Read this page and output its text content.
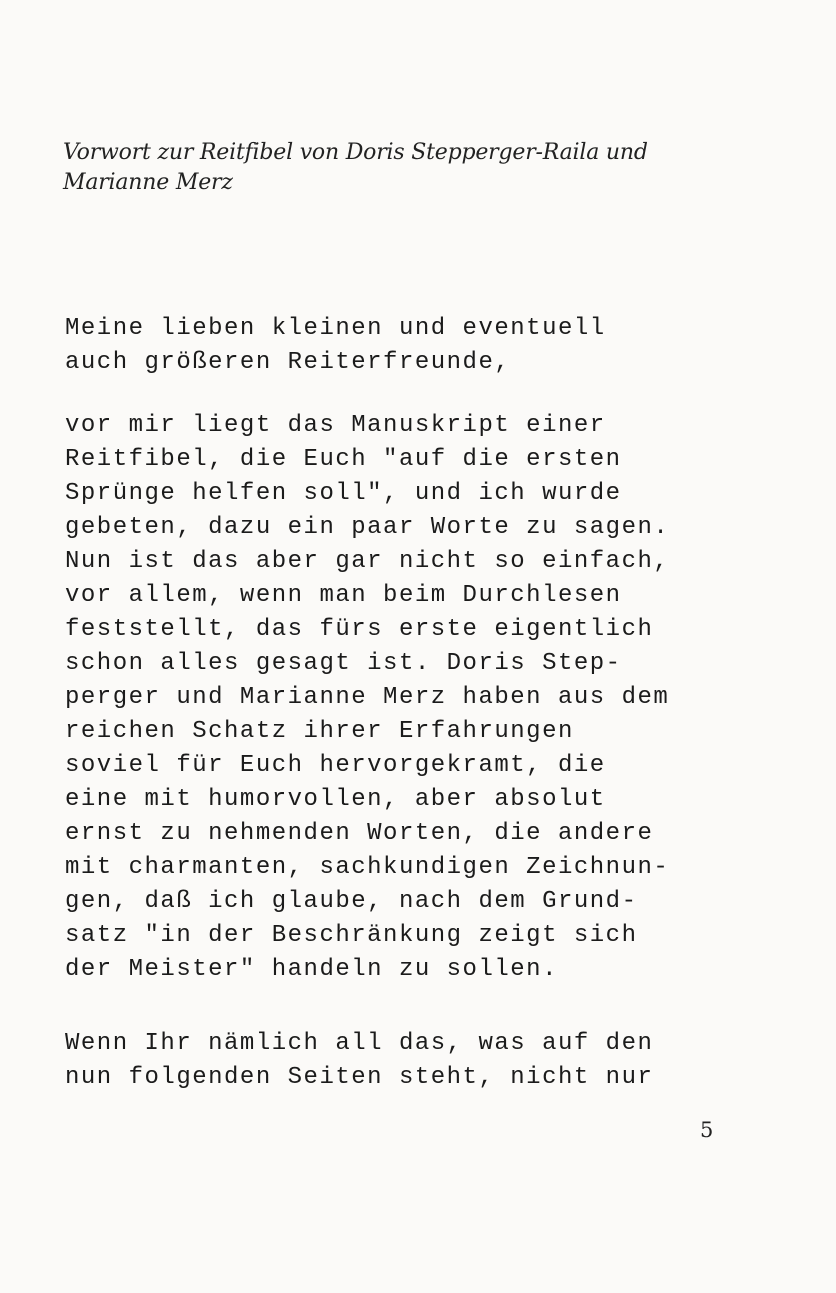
Vorwort zur Reitfibel von Doris Stepperger-Raila und
Marianne Merz
Meine lieben kleinen und eventuell
auch größeren Reiterfreunde,
vor mir liegt das Manuskript einer
Reitfibel, die Euch "auf die ersten
Sprünge helfen soll", und ich wurde
gebeten, dazu ein paar Worte zu sagen.
Nun ist das aber gar nicht so einfach,
vor allem, wenn man beim Durchlesen
feststellt, das fürs erste eigentlich
schon alles gesagt ist. Doris Step-
perger und Marianne Merz haben aus dem
reichen Schatz ihrer Erfahrungen
soviel für Euch hervorgekramt, die
eine mit humorvollen, aber absolut
ernst zu nehmenden Worten, die andere
mit charmanten, sachkundigen Zeichnun-
gen, daß ich glaube, nach dem Grund-
satz "in der Beschränkung zeigt sich
der Meister" handeln zu sollen.
Wenn Ihr nämlich all das, was auf den
nun folgenden Seiten steht, nicht nur
5
